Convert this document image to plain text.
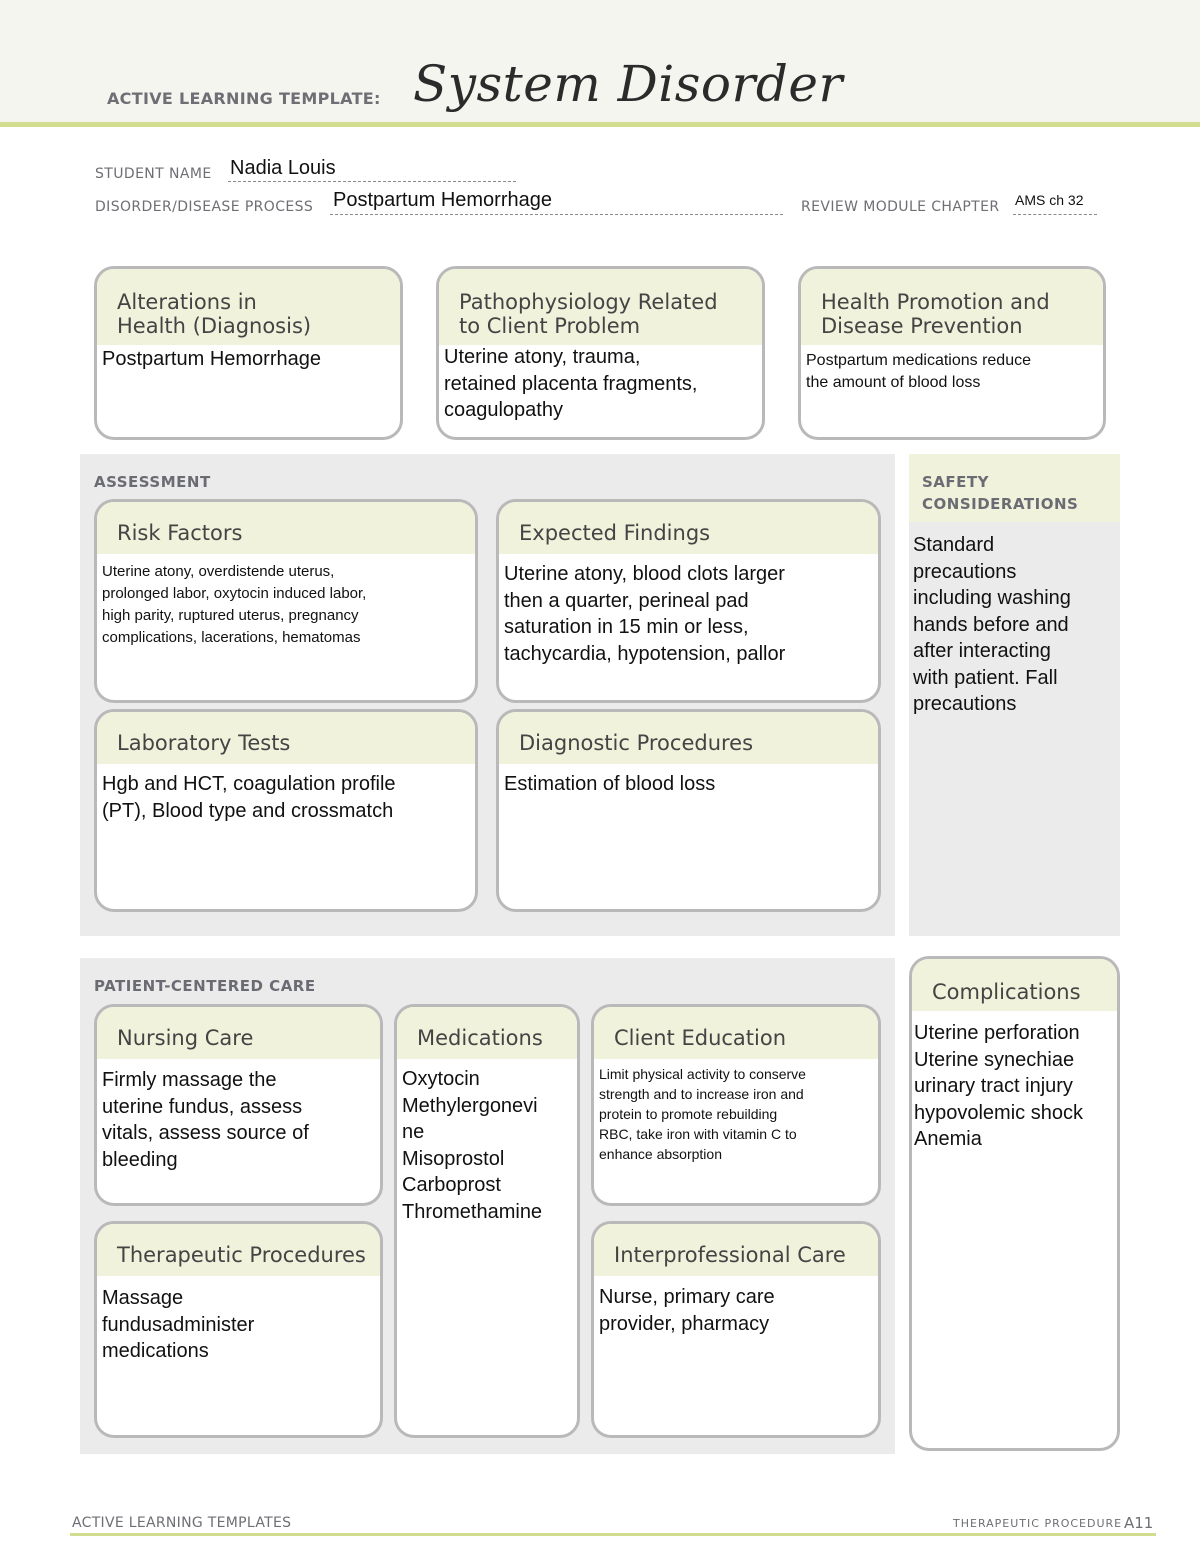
ACTIVE LEARNING TEMPLATE: System Disorder
STUDENT NAME Nadia Louis
DISORDER/DISEASE PROCESS Postpartum Hemorrhage	REVIEW MODULE CHAPTER AMS ch 32
Alterations in
Health (Diagnosis)
Postpartum Hemorrhage
Pathophysiology Related
to Client Problem
Uterine atony, trauma,
retained placenta fragments,
coagulopathy
Health Promotion and
Disease Prevention
Postpartum medications reduce
the amount of blood loss
ASSESSMENT
Risk Factors
Uterine atony, overdistende uterus,
prolonged labor, oxytocin induced labor,
high parity, ruptured uterus, pregnancy
complications, lacerations, hematomas
Expected Findings
Uterine atony, blood clots larger
then a quarter, perineal pad
saturation in 15 min or less,
tachycardia, hypotension, pallor
Laboratory Tests
Hgb and HCT, coagulation profile
(PT), Blood type and crossmatch
Diagnostic Procedures
Estimation of blood loss
SAFETY
CONSIDERATIONS
Standard
precautions
including washing
hands before and
after interacting
with patient. Fall
precautions
PATIENT-CENTERED CARE
Nursing Care
Firmly massage the
uterine fundus, assess
vitals, assess source of
bleeding
Medications
Oxytocin
Methylergonevi
ne
Misoprostol
Carboprost
Thromethamine
Client Education
Limit physical activity to conserve
strength and to increase iron and
protein to promote rebuilding
RBC, take iron with vitamin C to
enhance absorption
Therapeutic Procedures
Massage
fundusadminister
medications
Interprofessional Care
Nurse, primary care
provider, pharmacy
Complications
Uterine perforation
Uterine synechiae
urinary tract injury
hypovolemic shock
Anemia
ACTIVE LEARNING TEMPLATES	THERAPEUTIC PROCEDURE A11
